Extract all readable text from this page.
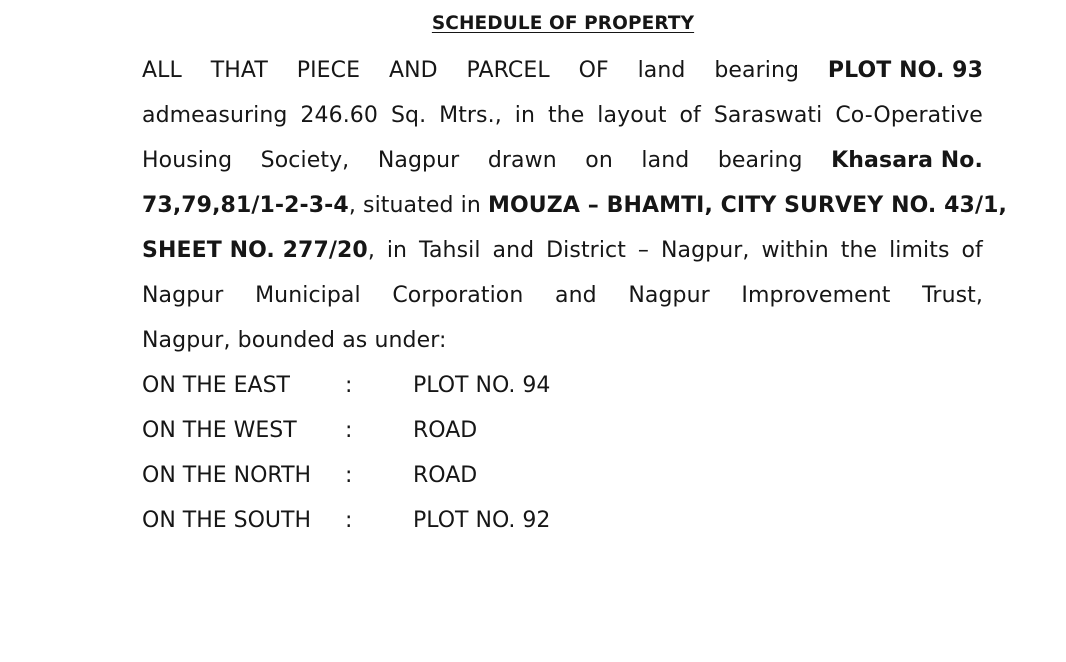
SCHEDULE OF PROPERTY
ALL THAT PIECE AND PARCEL OF land bearing PLOT NO. 93
admeasuring 246.60 Sq. Mtrs., in the layout of Saraswati Co-Operative
Housing Society, Nagpur drawn on land bearing Khasara No.
73,79,81/1-2-3-4, situated in MOUZA – BHAMTI, CITY SURVEY NO. 43/1,
SHEET NO. 277/20, in Tahsil and District – Nagpur, within the limits of
Nagpur Municipal Corporation and Nagpur Improvement Trust,
Nagpur, bounded as under:
ON THE EAST	:	PLOT NO. 94
ON THE WEST :	ROAD
ON THE NORTH :	ROAD
ON THE SOUTH :	PLOT NO. 92
